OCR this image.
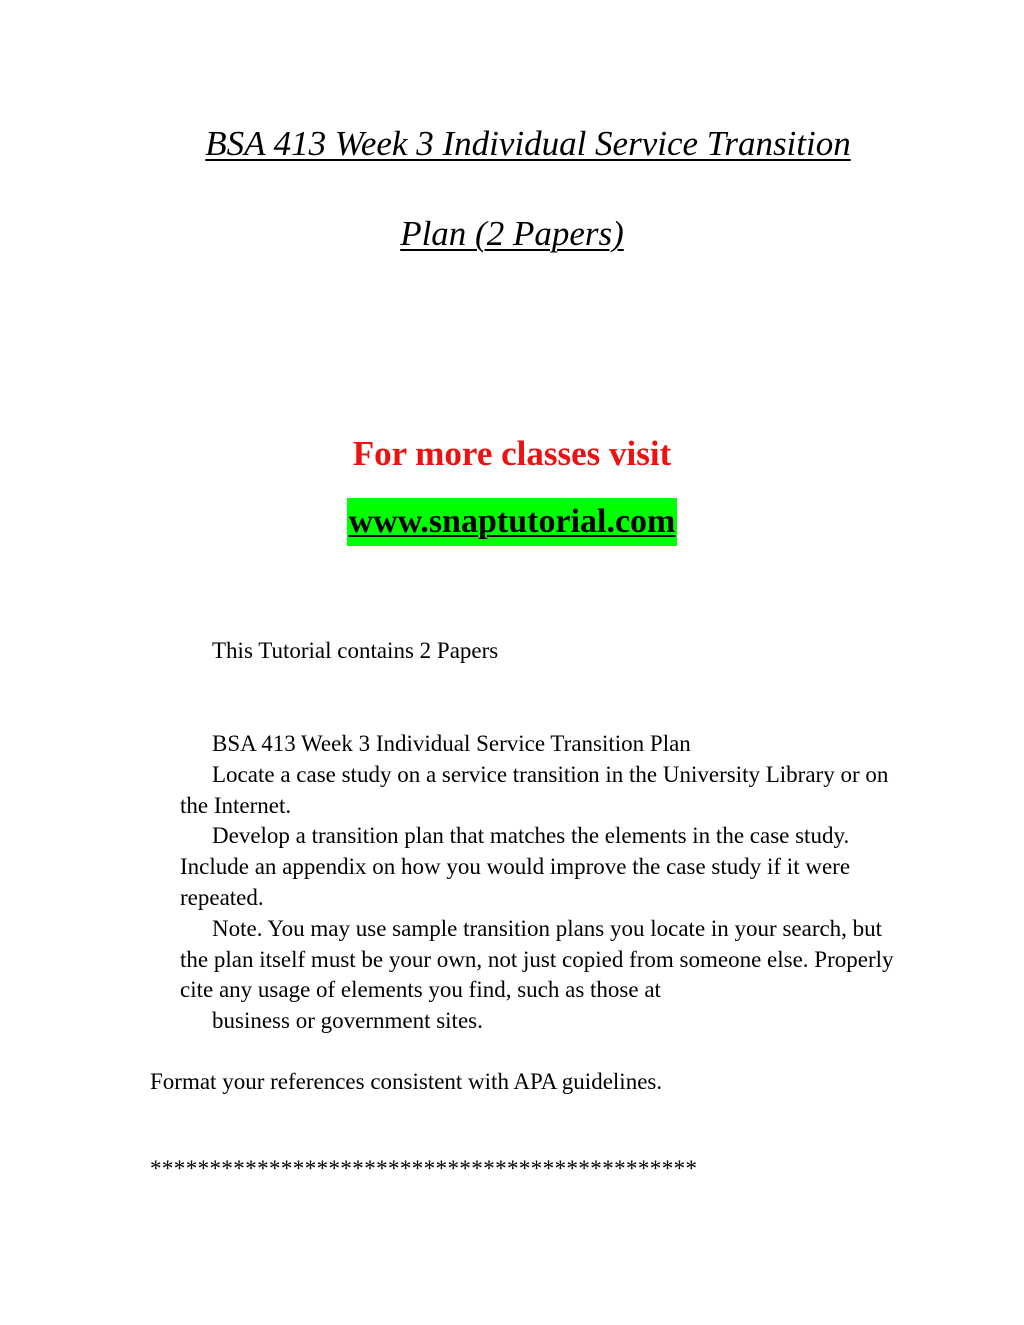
BSA 413 Week 3 Individual Service Transition
Plan (2 Papers)
For more classes visit
www.snaptutorial.com

This Tutorial contains 2 Papers

BSA 413 Week 3 Individual Service Transition Plan

Locate a case study on a service transition in the University Library or on the Internet.

Develop a transition plan that matches the elements in the case study. Include an appendix on how you would improve the case study if it were repeated.

Note. You may use sample transition plans you locate in your search, but the plan itself must be your own, not just copied from someone else. Properly cite any usage of elements you find, such as those at

business or government sites.

Format your references consistent with APA guidelines.

**********************************************
